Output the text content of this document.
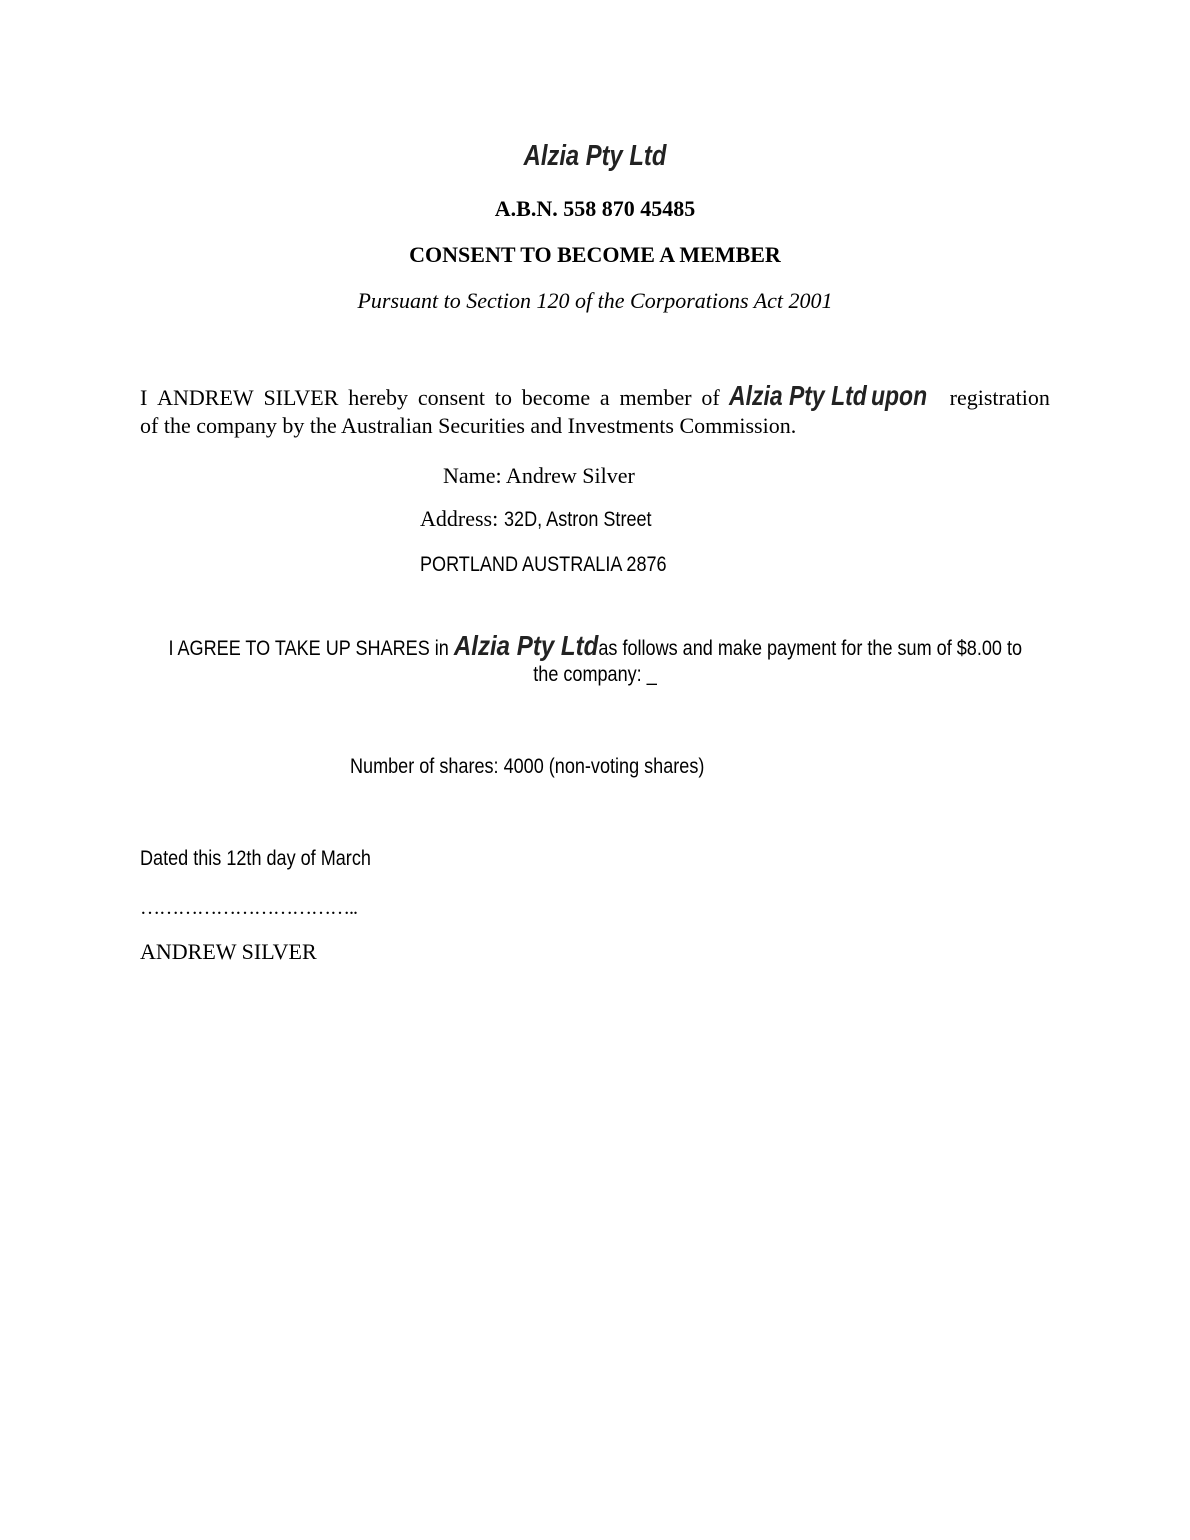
Alzia Pty Ltd
A.B.N. 558 870 45485
CONSENT TO BECOME A MEMBER
Pursuant to Section 120 of the Corporations Act 2001
I ANDREW SILVER hereby consent to become a member of Alzia Pty Ltd upon	registration
of the company by the Australian Securities and Investments Commission.
Name: Andrew Silver
Address: 32D, Astron Street
PORTLAND AUSTRALIA 2876
I AGREE TO TAKE UP SHARES in Alzia Pty Ltdas follows and make payment for the sum of $8.00 to
the company: _
Number of shares: 4000 (non-voting shares)
Dated this 12th day of March
……………………………..
ANDREW SILVER
